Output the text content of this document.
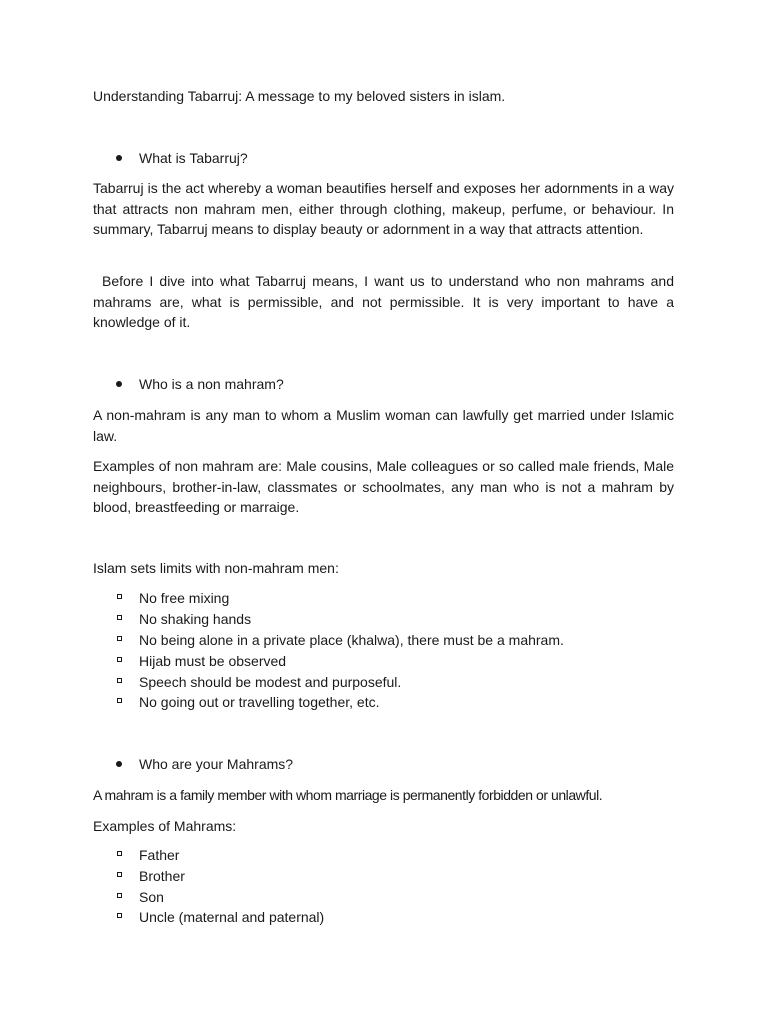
Understanding Tabarruj: A message to my beloved sisters in islam.
What is Tabarruj?

Tabarruj is the act whereby a woman beautifies herself and exposes her adornments in a way that attracts non mahram men, either through clothing, makeup, perfume, or behaviour. In summary, Tabarruj means to display beauty or adornment in a way that attracts attention.

Before I dive into what Tabarruj means, I want us to understand who non mahrams and mahrams are, what is permissible, and not permissible. It is very important to have a knowledge of it.

Who is a non mahram?

A non-mahram is any man to whom a Muslim woman can lawfully get married under Islamic law.

Examples of non mahram are: Male cousins, Male colleagues or so called male friends, Male neighbours, brother-in-law, classmates or schoolmates, any man who is not a mahram by blood, breastfeeding or marraige.

Islam sets limits with non-mahram men:
No free mixing
No shaking hands
No being alone in a private place (khalwa), there must be a mahram.
Hijab must be observed
Speech should be modest and purposeful.
No going out or travelling together, etc.
Who are your Mahrams?
A mahram is a family member with whom marriage is permanently forbidden or unlawful.
Examples of Mahrams:
Father
Brother
Son
Uncle (maternal and paternal)
